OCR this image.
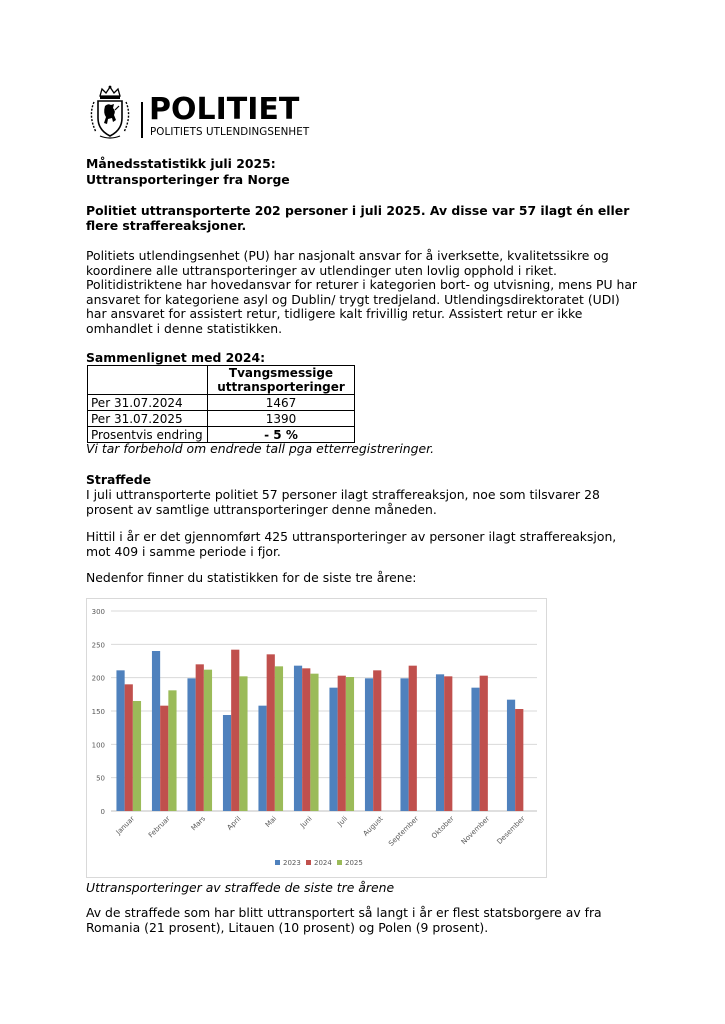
POLITIET
POLITIETS UTLENDINGSENHET
Månedsstatistikk juli 2025:
Uttransporteringer fra Norge
Politiet uttransporterte 202 personer i juli 2025. Av disse var 57 ilagt én eller
flere straffereaksjoner.
Politiets utlendingsenhet (PU) har nasjonalt ansvar for å iverksette, kvalitetssikre og
koordinere alle uttransporteringer av utlendinger uten lovlig opphold i riket.
Politidistriktene har hovedansvar for returer i kategorien bort- og utvisning, mens PU har
ansvaret for kategoriene asyl og Dublin/ trygt tredjeland. Utlendingsdirektoratet (UDI)
har ansvaret for assistert retur, tidligere kalt frivillig retur. Assistert retur er ikke
omhandlet i denne statistikken.
Sammenlignet med 2024:

	Tvangsmessige
uttransporteringer

Per 31.07.2024	1467
Per 31.07.2025	1390
Prosentvis endring	- 5 %
Vi tar forbehold om endrede tall pga etterregistreringer.
Straffede
I juli uttransporterte politiet 57 personer ilagt straffereaksjon, noe som tilsvarer 28
prosent av samtlige uttransporteringer denne måneden.
Hittil i år er det gjennomført 425 uttransporteringer av personer ilagt straffereaksjon,
mot 409 i samme periode i fjor.
Nedenfor finner du statistikken for de siste tre årene:
0
50
100
150
200
250
300
Januar Februar	Mars	April	Mai	Juni	Juli August September Oktober November Desember
2023 2024 2025
Uttransporteringer av straffede de siste tre årene
Av de straffede som har blitt uttransportert så langt i år er flest statsborgere av fra
Romania (21 prosent), Litauen (10 prosent) og Polen (9 prosent).
